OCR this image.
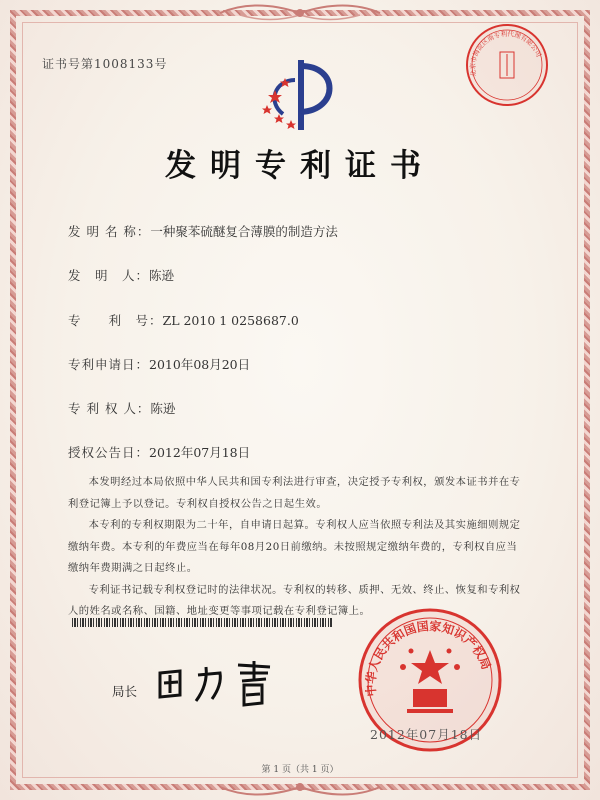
证书号第1008133号
发明专利证书
发 明 名 称：一种聚苯硫醚复合薄膜的制造方法
发　明　人：陈逊
专　　利　号：ZL 2010 1 0258687.0
专利申请日：2010年08月20日
专 利 权 人：陈逊
授权公告日：2012年07月18日

本发明经过本局依照中华人民共和国专利法进行审查，决定授予专利权，颁发本证书并在专利登记簿上予以登记。专利权自授权公告之日起生效。

本专利的专利权期限为二十年，自申请日起算。专利权人应当依照专利法及其实施细则规定缴纳年费。本专利的年费应当在每年08月20日前缴纳。未按照规定缴纳年费的，专利权自应当缴纳年费期满之日起终止。

专利证书记载专利权登记时的法律状况。专利权的转移、质押、无效、终止、恢复和专利权人的姓名或名称、国籍、地址变更等事项记载在专利登记簿上。

局长	中华人民共和国国家知识产权局
北京市海淀区南专利代理有限公司
2012年07月18日
第 1 页（共 1 页）
